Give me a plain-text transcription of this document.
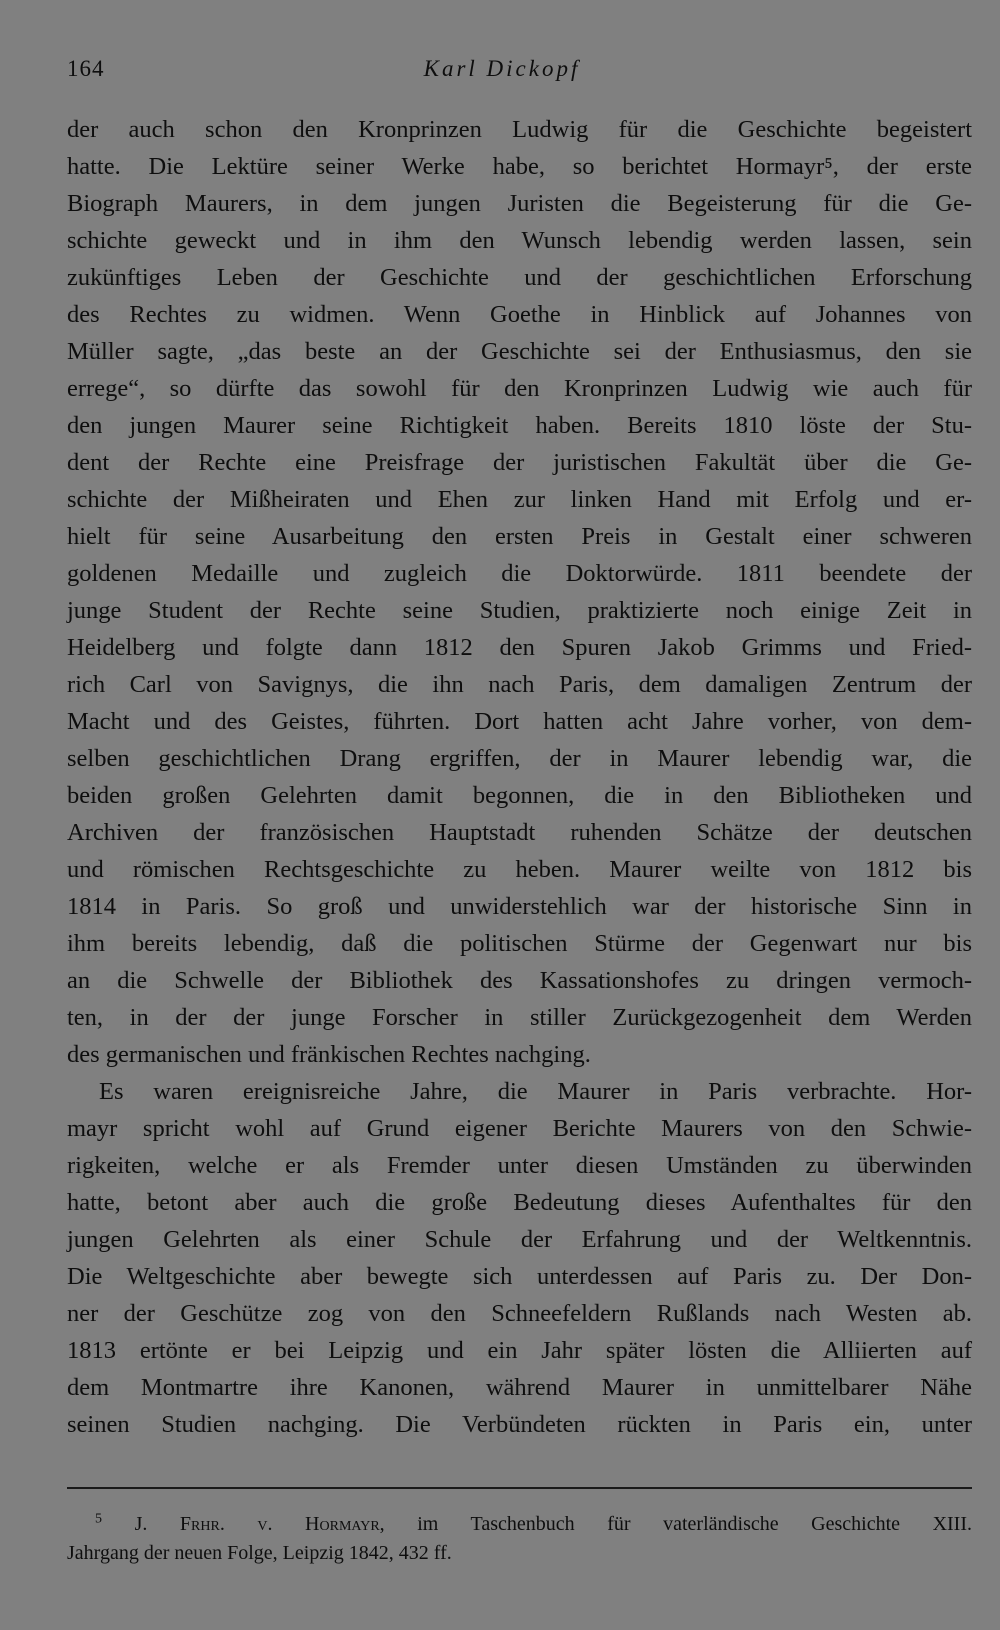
164	Karl Dickopf
der auch schon den Kronprinzen Ludwig für die Geschichte begeistert
hatte. Die Lektüre seiner Werke habe, so berichtet Hormayr⁵, der erste
Biograph Maurers, in dem jungen Juristen die Begeisterung für die Ge-
schichte geweckt und in ihm den Wunsch lebendig werden lassen, sein
zukünftiges Leben der Geschichte und der geschichtlichen Erforschung
des Rechtes zu widmen. Wenn Goethe in Hinblick auf Johannes von
Müller sagte, „das beste an der Geschichte sei der Enthusiasmus, den sie
errege“, so dürfte das sowohl für den Kronprinzen Ludwig wie auch für
den jungen Maurer seine Richtigkeit haben. Bereits 1810 löste der Stu-
dent der Rechte eine Preisfrage der juristischen Fakultät über die Ge-
schichte der Mißheiraten und Ehen zur linken Hand mit Erfolg und er-
hielt für seine Ausarbeitung den ersten Preis in Gestalt einer schweren
goldenen Medaille und zugleich die Doktorwürde. 1811 beendete der
junge Student der Rechte seine Studien, praktizierte noch einige Zeit in
Heidelberg und folgte dann 1812 den Spuren Jakob Grimms und Fried-
rich Carl von Savignys, die ihn nach Paris, dem damaligen Zentrum der
Macht und des Geistes, führten. Dort hatten acht Jahre vorher, von dem-
selben geschichtlichen Drang ergriffen, der in Maurer lebendig war, die
beiden großen Gelehrten damit begonnen, die in den Bibliotheken und
Archiven der französischen Hauptstadt ruhenden Schätze der deutschen
und römischen Rechtsgeschichte zu heben. Maurer weilte von 1812 bis
1814 in Paris. So groß und unwiderstehlich war der historische Sinn in
ihm bereits lebendig, daß die politischen Stürme der Gegenwart nur bis
an die Schwelle der Bibliothek des Kassationshofes zu dringen vermoch-
ten, in der der junge Forscher in stiller Zurückgezogenheit dem Werden
des germanischen und fränkischen Rechtes nachging.
Es waren ereignisreiche Jahre, die Maurer in Paris verbrachte. Hor-
mayr spricht wohl auf Grund eigener Berichte Maurers von den Schwie-
rigkeiten, welche er als Fremder unter diesen Umständen zu überwinden
hatte, betont aber auch die große Bedeutung dieses Aufenthaltes für den
jungen Gelehrten als einer Schule der Erfahrung und der Weltkenntnis.
Die Weltgeschichte aber bewegte sich unterdessen auf Paris zu. Der Don-
ner der Geschütze zog von den Schneefeldern Rußlands nach Westen ab.
1813 ertönte er bei Leipzig und ein Jahr später lösten die Alliierten auf
dem Montmartre ihre Kanonen, während Maurer in unmittelbarer Nähe
seinen Studien nachging. Die Verbündeten rückten in Paris ein, unter
$^5$ J. Frhr. v. Hormayr, im Taschenbuch für vaterländische Geschichte XIII.
Jahrgang der neuen Folge, Leipzig 1842, 432 ff.
